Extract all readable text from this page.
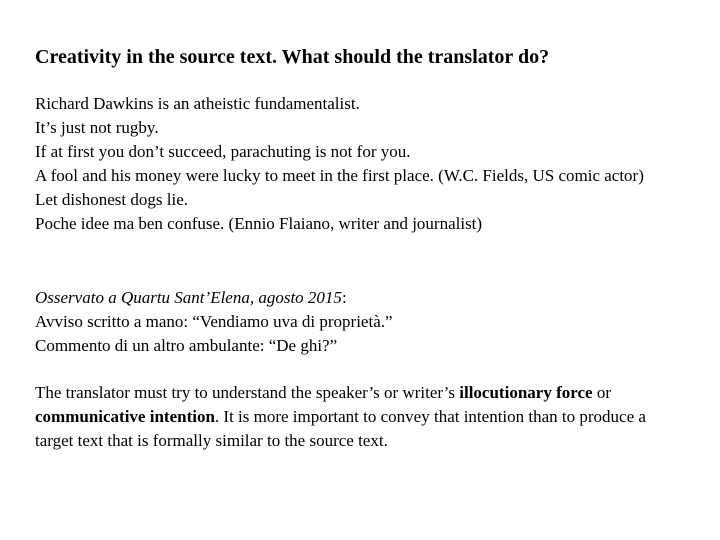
Creativity in the source text. What should the translator do?
Richard Dawkins is an atheistic fundamentalist.
It’s just not rugby.
If at first you don’t succeed, parachuting is not for you.
A fool and his money were lucky to meet in the first place. (W.C. Fields, US comic actor)
Let dishonest dogs lie.
Poche idee ma ben confuse. (Ennio Flaiano, writer and journalist)
Osservato a Quartu Sant’Elena, agosto 2015:
Avviso scritto a mano: “Vendiamo uva di proprietà.”
Commento di un altro ambulante: “De ghi?”
The translator must try to understand the speaker’s or writer’s illocutionary force or communicative intention. It is more important to convey that intention than to produce a target text that is formally similar to the source text.
